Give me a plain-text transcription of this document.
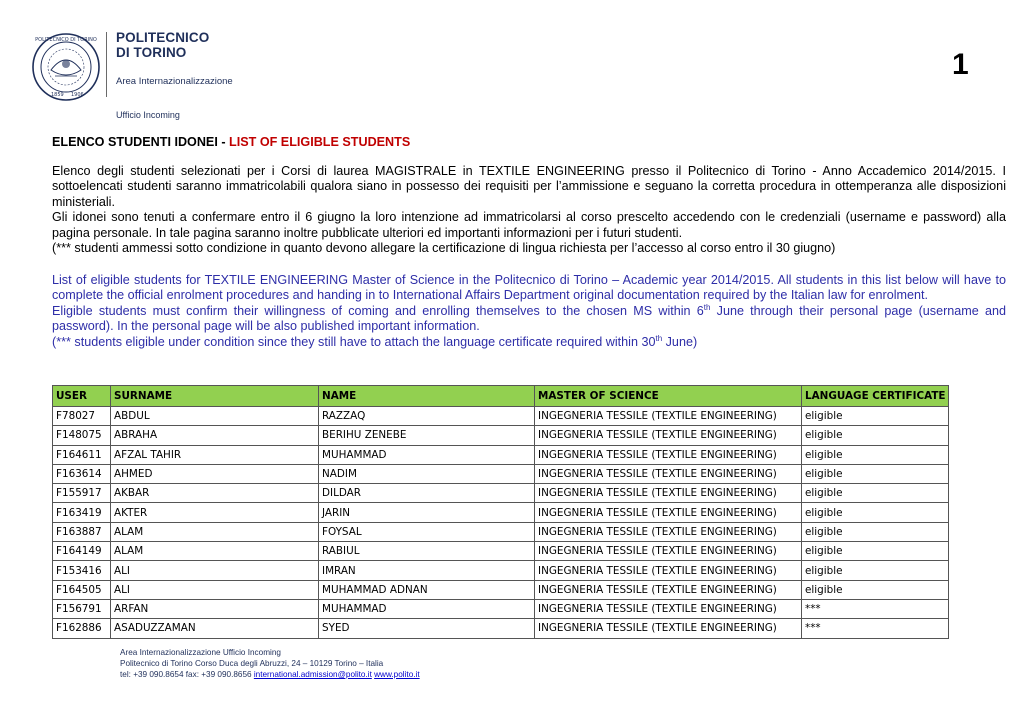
POLITECNICO DI TORINO
1859 1906
POLITECNICO
DI TORINO
Area Internazionalizzazione
Ufficio Incoming
1
ELENCO STUDENTI IDONEI - LIST OF ELIGIBLE STUDENTS

Elenco degli studenti selezionati per i Corsi di laurea MAGISTRALE in TEXTILE ENGINEERING presso il Politecnico di Torino - Anno Accademico 2014/2015. I sottoelencati studenti saranno immatricolabili qualora siano in possesso dei requisiti per l’ammissione e seguano la corretta procedura in ottemperanza alle disposizioni ministeriali.

Gli idonei sono tenuti a confermare entro il 6 giugno la loro intenzione ad immatricolarsi al corso prescelto accedendo con le credenziali (username e password) alla pagina personale. In tale pagina saranno inoltre pubblicate ulteriori ed importanti informazioni per i futuri studenti.

(*** studenti ammessi sotto condizione in quanto devono allegare la certificazione di lingua richiesta per l’accesso al corso entro il 30 giugno)

List of eligible students for TEXTILE ENGINEERING Master of Science in the Politecnico di Torino – Academic year 2014/2015. All students in this list below will have to complete the official enrolment procedures and handing in to International Affairs Department original documentation required by the Italian law for enrolment.

Eligible students must confirm their willingness of coming and enrolling themselves to the chosen MS within 6th June through their personal page (username and password). In the personal page will be also published important information.

(*** students eligible under condition since they still have to attach the language certificate required within 30th June)

USER	SURNAME	NAME	MASTER OF SCIENCE	LANGUAGE CERTIFICATE
F78027	ABDUL	RAZZAQ	INGEGNERIA TESSILE (TEXTILE ENGINEERING)	eligible
F148075	ABRAHA	BERIHU ZENEBE	INGEGNERIA TESSILE (TEXTILE ENGINEERING)	eligible
F164611	AFZAL TAHIR	MUHAMMAD	INGEGNERIA TESSILE (TEXTILE ENGINEERING)	eligible
F163614	AHMED	NADIM	INGEGNERIA TESSILE (TEXTILE ENGINEERING)	eligible
F155917	AKBAR	DILDAR	INGEGNERIA TESSILE (TEXTILE ENGINEERING)	eligible
F163419	AKTER	JARIN	INGEGNERIA TESSILE (TEXTILE ENGINEERING)	eligible
F163887	ALAM	FOYSAL	INGEGNERIA TESSILE (TEXTILE ENGINEERING)	eligible
F164149	ALAM	RABIUL	INGEGNERIA TESSILE (TEXTILE ENGINEERING)	eligible
F153416	ALI	IMRAN	INGEGNERIA TESSILE (TEXTILE ENGINEERING)	eligible
F164505	ALI	MUHAMMAD ADNAN	INGEGNERIA TESSILE (TEXTILE ENGINEERING)	eligible
F156791	ARFAN	MUHAMMAD	INGEGNERIA TESSILE (TEXTILE ENGINEERING)	***
F162886	ASADUZZAMAN	SYED	INGEGNERIA TESSILE (TEXTILE ENGINEERING)	***
Area Internazionalizzazione Ufficio Incoming
Politecnico di Torino Corso Duca degli Abruzzi, 24 – 10129 Torino – Italia
tel: +39 090.8654 fax: +39 090.8656 international.admission@polito.it www.polito.it
